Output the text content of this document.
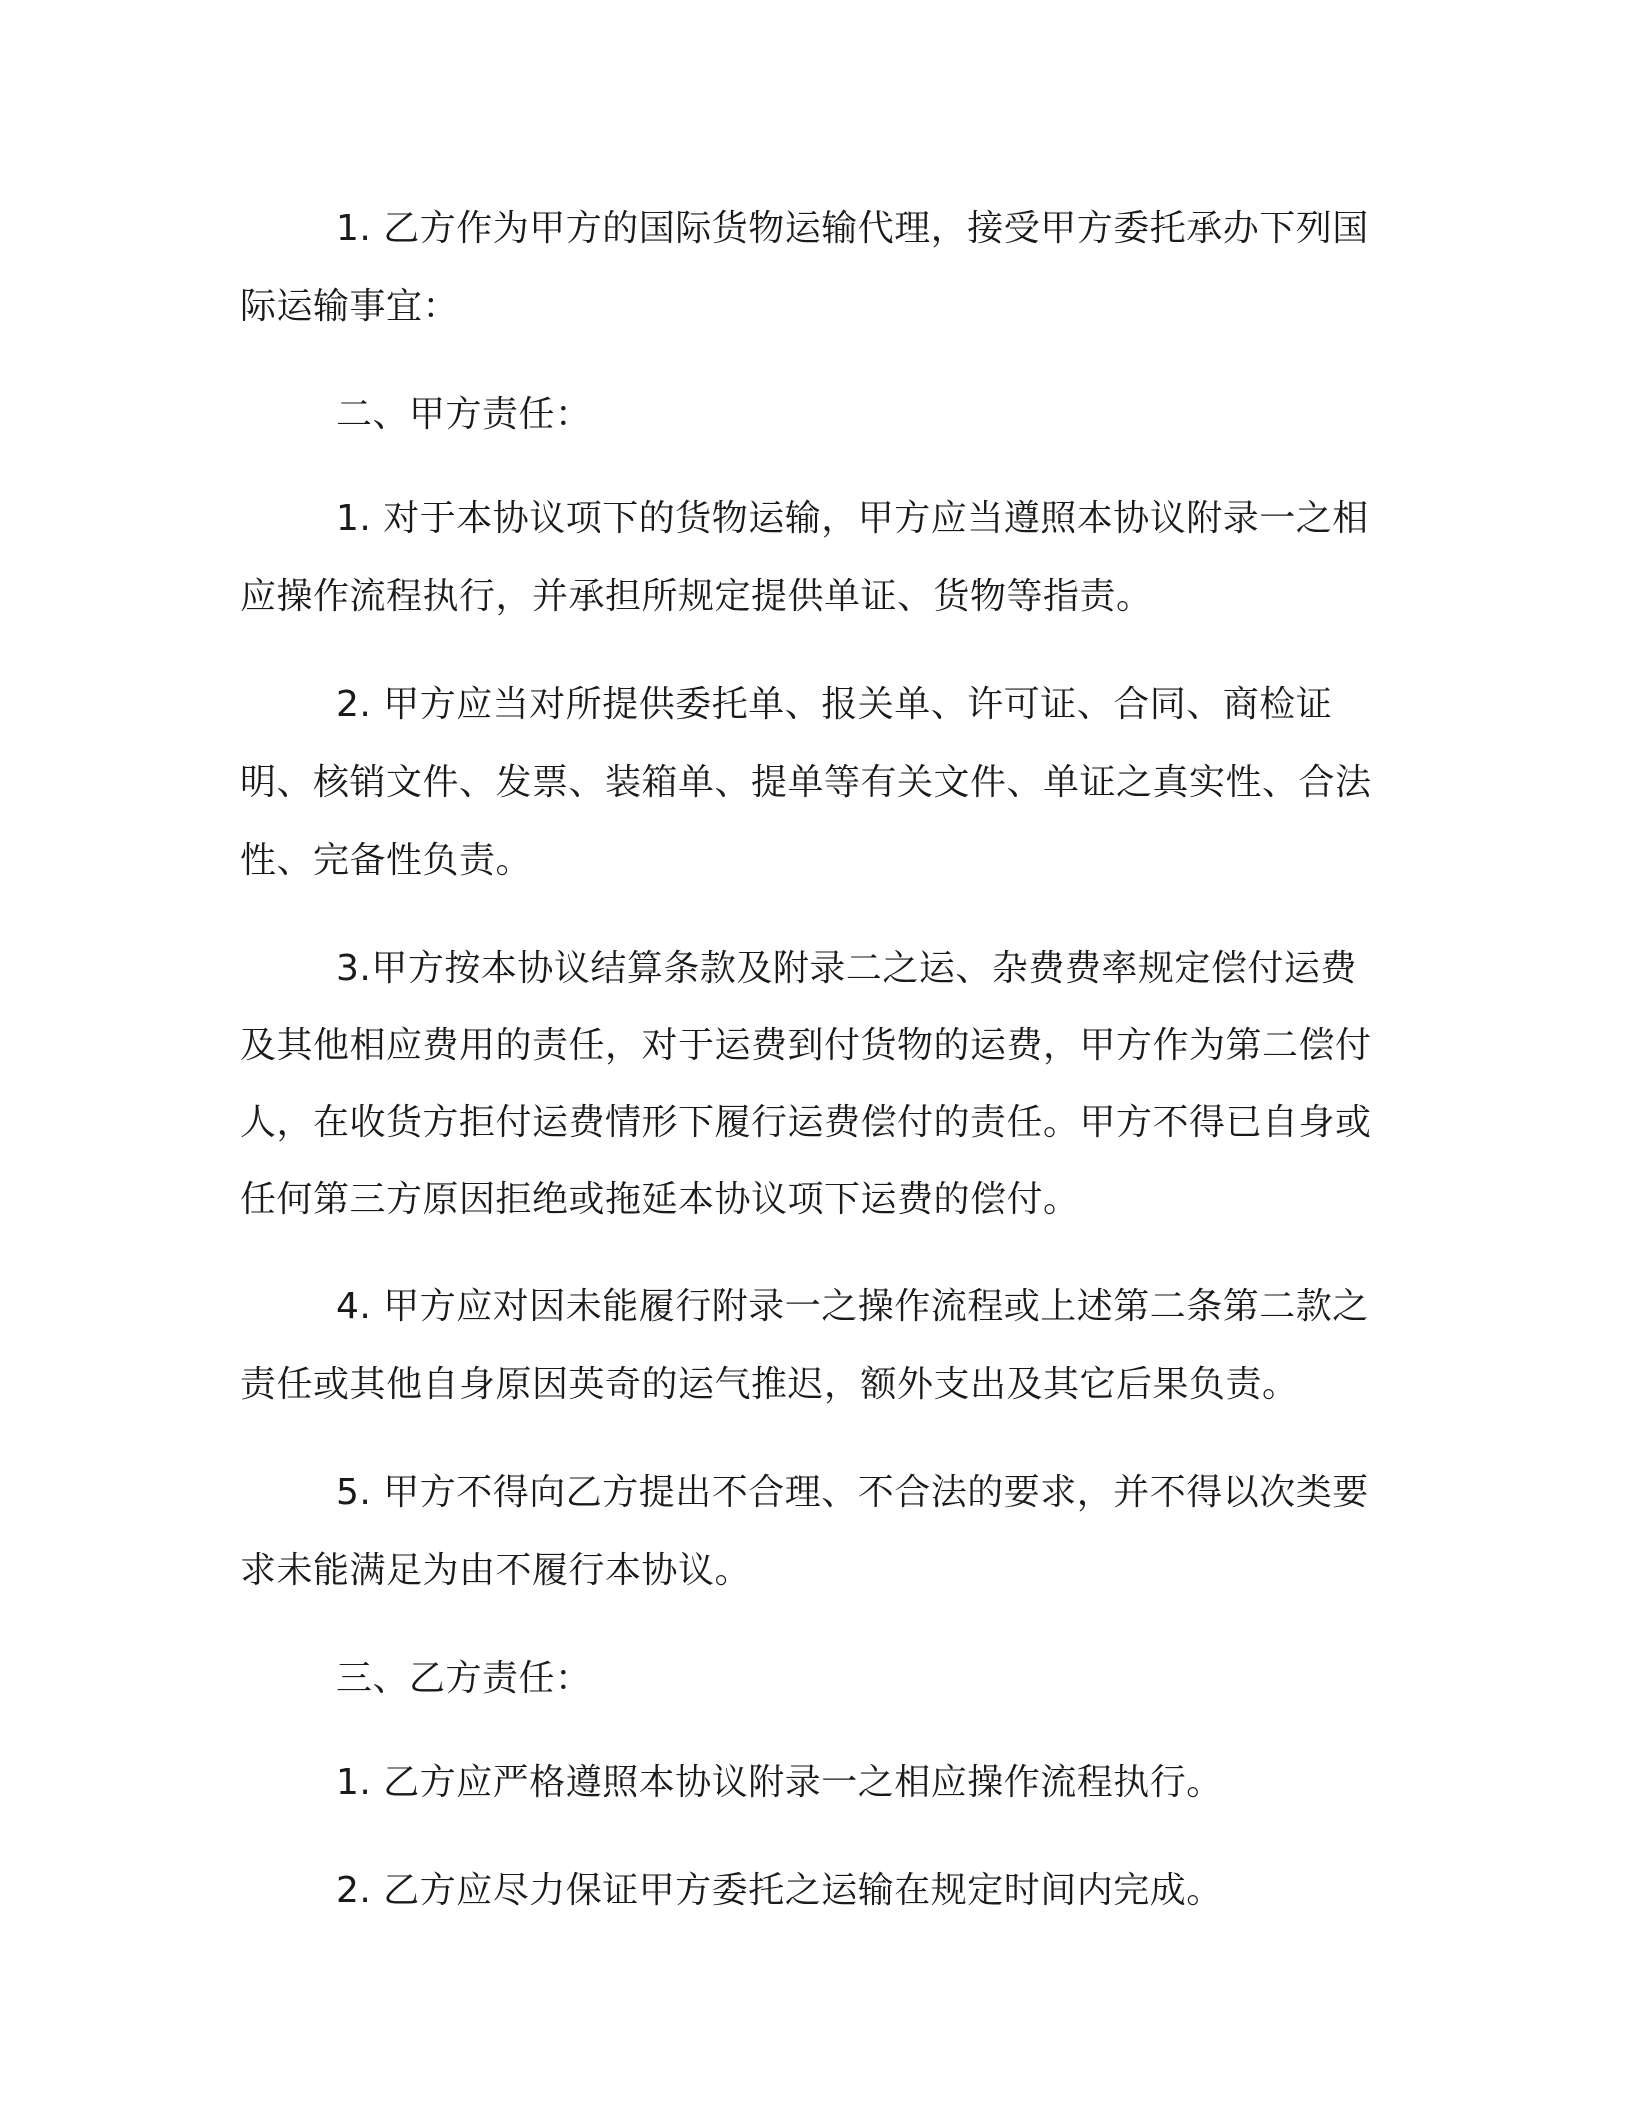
1. 乙方作为甲方的国际货物运输代理，接受甲方委托承办下列国际运输事宜：

二、甲方责任：

1. 对于本协议项下的货物运输，甲方应当遵照本协议附录一之相应操作流程执行，并承担所规定提供单证、货物等指责。

2. 甲方应当对所提供委托单、报关单、许可证、合同、商检证明、核销文件、发票、装箱单、提单等有关文件、单证之真实性、合法性、完备性负责。

3.甲方按本协议结算条款及附录二之运、杂费费率规定偿付运费及其他相应费用的责任，对于运费到付货物的运费，甲方作为第二偿付人，在收货方拒付运费情形下履行运费偿付的责任。甲方不得已自身或任何第三方原因拒绝或拖延本协议项下运费的偿付。

4. 甲方应对因未能履行附录一之操作流程或上述第二条第二款之责任或其他自身原因英奇的运气推迟，额外支出及其它后果负责。

5. 甲方不得向乙方提出不合理、不合法的要求，并不得以次类要求未能满足为由不履行本协议。

三、乙方责任：

1. 乙方应严格遵照本协议附录一之相应操作流程执行。

2. 乙方应尽力保证甲方委托之运输在规定时间内完成。
